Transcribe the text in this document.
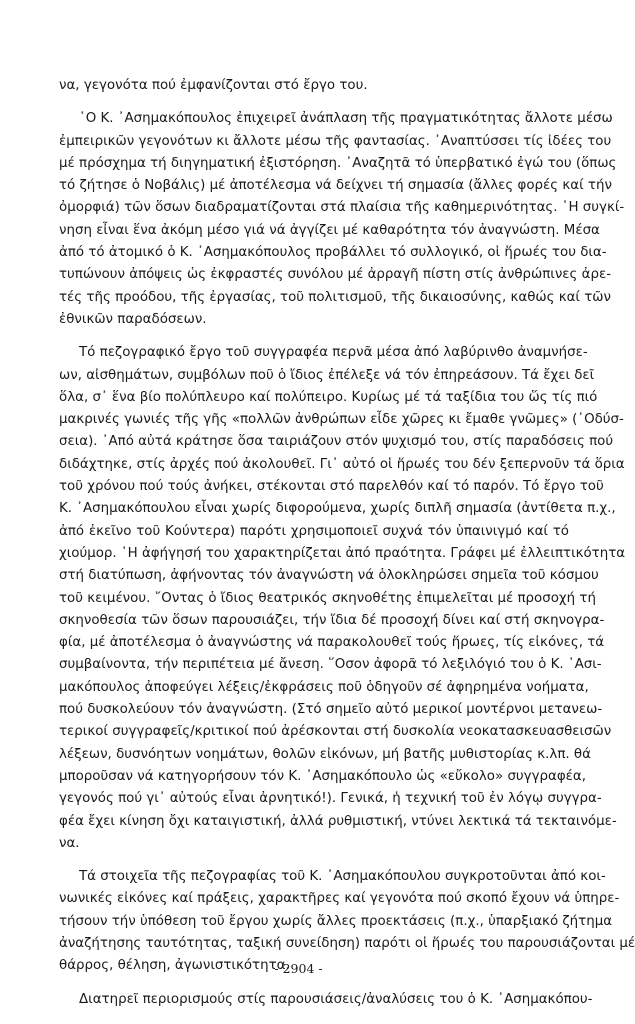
να, γεγονότα πού ἐμφανίζονται στό ἔργο του.
῾Ο Κ. ᾿Ασημακόπουλος ἐπιχειρεῖ ἀνάπλαση τῆς πραγματικότητας ἄλλοτε μέσω
ἐμπειρικῶν γεγονότων κι ἄλλοτε μέσω τῆς φαντασίας. ᾿Αναπτύσσει τίς ἰδέες του
μέ πρόσχημα τή διηγηματική ἐξιστόρηση. ᾿Αναζητᾶ τό ὑπερβατικό ἐγώ του (ὅπως
τό ζήτησε ὁ Νοβάλις) μέ ἀποτέλεσμα νά δείχνει τή σημασία (ἄλλες φορές καί τήν
ὀμορφιά) τῶν ὅσων διαδραματίζονται στά πλαίσια τῆς καθημερινότητας. ῾Η συγκί-
νηση εἶναι ἕνα ἀκόμη μέσο γιά νά ἀγγίζει μέ καθαρότητα τόν ἀναγνώστη. Μέσα
ἀπό τό ἀτομικό ὁ Κ. ᾿Ασημακόπουλος προβάλλει τό συλλογικό, οἱ ἥρωές του δια-
τυπώνουν ἀπόψεις ὡς ἐκφραστές συνόλου μέ ἀρραγῆ πίστη στίς ἀνθρώπινες ἀρε-
τές τῆς προόδου, τῆς ἐργασίας, τοῦ πολιτισμοῦ, τῆς δικαιοσύνης, καθώς καί τῶν
ἐθνικῶν παραδόσεων.
Τό πεζογραφικό ἔργο τοῦ συγγραφέα περνᾶ μέσα ἀπό λαβύρινθο ἀναμνήσε-
ων, αἰσθημάτων, συμβόλων ποῦ ὁ ἴδιος ἐπέλεξε νά τόν ἐπηρεάσουν. Τά ἔχει δεῖ
ὅλα, σ᾿ ἕνα βίο πολύπλευρο καί πολύπειρο. Κυρίως μέ τά ταξίδια του ὥς τίς πιό
μακρινές γωνιές τῆς γῆς «πολλῶν ἀνθρώπων εἶδε χῶρες κι ἔμαθε γνῶμες» (᾿Οδύσ-
σεια). ᾿Από αὐτά κράτησε ὅσα ταιριάζουν στόν ψυχισμό του, στίς παραδόσεις πού
διδάχτηκε, στίς ἀρχές πού ἀκολουθεῖ. Γι᾿ αὐτό οἱ ἥρωές του δέν ξεπερνοῦν τά ὅρια
τοῦ χρόνου πού τούς ἀνήκει, στέκονται στό παρελθόν καί τό παρόν. Τό ἔργο τοῦ
Κ. ᾿Ασημακόπουλου εἶναι χωρίς διφορούμενα, χωρίς διπλῆ σημασία (ἀντίθετα π.χ.,
ἀπό ἐκεῖνο τοῦ Κούντερα) παρότι χρησιμοποιεῖ συχνά τόν ὑπαινιγμό καί τό
χιούμορ. ῾Η ἀφήγησή του χαρακτηρίζεται ἀπό πραότητα. Γράφει μέ ἐλλειπτικότητα
στή διατύπωση, ἀφήνοντας τόν ἀναγνώστη νά ὁλοκληρώσει σημεῖα τοῦ κόσμου
τοῦ κειμένου. ῎Οντας ὁ ἴδιος θεατρικός σκηνοθέτης ἐπιμελεῖται μέ προσοχή τή
σκηνοθεσία τῶν ὅσων παρουσιάζει, τήν ἴδια δέ προσοχή δίνει καί στή σκηνογρα-
φία, μέ ἀποτέλεσμα ὁ ἀναγνώστης νά παρακολουθεῖ τούς ἥρωες, τίς εἰκόνες, τά
συμβαίνοντα, τήν περιπέτεια μέ ἄνεση. ῞Οσον ἀφορᾶ τό λεξιλόγιό του ὁ Κ. ᾿Ασι-
μακόπουλος ἀποφεύγει λέξεις/ἐκφράσεις ποῦ ὁδηγοῦν σέ ἀφηρημένα νοήματα,
πού δυσκολεύουν τόν ἀναγνώστη. (Στό σημεῖο αὐτό μερικοί μοντέρνοι μετανεω-
τερικοί συγγραφεῖς/κριτικοί πού ἀρέσκονται στή δυσκολία νεοκατασκευασθεισῶν
λέξεων, δυσνόητων νοημάτων, θολῶν εἰκόνων, μή βατῆς μυθιστορίας κ.λπ. θά
μποροῦσαν νά κατηγορήσουν τόν Κ. ᾿Ασημακόπουλο ὡς «εὔκολο» συγγραφέα,
γεγονός πού γι᾿ αὐτούς εἶναι ἀρνητικό!). Γενικά, ἡ τεχνική τοῦ ἐν λόγῳ συγγρα-
φέα ἔχει κίνηση ὄχι καταιγιστική, ἀλλά ρυθμιστική, ντύνει λεκτικά τά τεκταινόμε-
να.
Τά στοιχεῖα τῆς πεζογραφίας τοῦ Κ. ᾿Ασημακόπουλου συγκροτοῦνται ἀπό κοι-
νωνικές εἰκόνες καί πράξεις, χαρακτῆρες καί γεγονότα πού σκοπό ἔχουν νά ὑπηρε-
τήσουν τήν ὑπόθεση τοῦ ἔργου χωρίς ἄλλες προεκτάσεις (π.χ., ὑπαρξιακό ζήτημα
ἀναζήτησης ταυτότητας, ταξική συνείδηση) παρότι οἱ ἥρωές του παρουσιάζονται μέ
θάρρος, θέληση, ἀγωνιστικότητα.
Διατηρεῖ περιορισμούς στίς παρουσιάσεις/ἀναλύσεις του ὁ Κ. ᾿Ασημακόπου-
- 2904 -
